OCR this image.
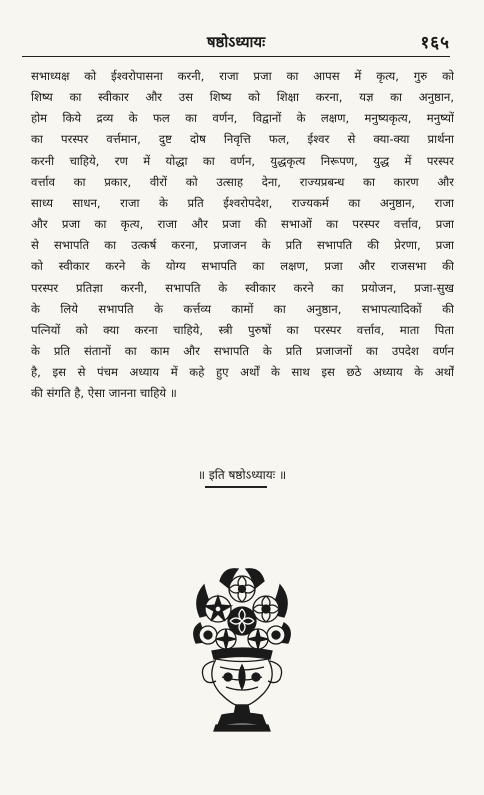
षष्ठोऽध्यायः	१६५

सभाध्यक्ष को ईश्वरोपासना करनी, राजा प्रजा का आपस में कृत्य, गुरु को
शिष्य का स्वीकार और उस शिष्य को शिक्षा करना, यज्ञ का अनुष्ठान,
होम किये द्रव्य के फल का वर्णन, विद्वानों के लक्षण, मनुष्यकृत्य, मनुष्यों
का परस्पर वर्त्तमान, दुष्ट दोष निवृत्ति फल, ईश्वर से क्या-क्या प्रार्थना
करनी चाहिये, रण में योद्धा का वर्णन, युद्धकृत्य निरूपण, युद्ध में परस्पर
वर्त्ताव का प्रकार, वीरों को उत्साह देना, राज्यप्रबन्ध का कारण और
साध्य साधन, राजा के प्रति ईश्वरोपदेश, राज्यकर्म का अनुष्ठान, राजा
और प्रजा का कृत्य, राजा और प्रजा की सभाओं का परस्पर वर्त्ताव, प्रजा
से सभापति का उत्कर्ष करना, प्रजाजन के प्रति सभापति की प्रेरणा, प्रजा
को स्वीकार करने के योग्य सभापति का लक्षण, प्रजा और राजसभा की
परस्पर प्रतिज्ञा करनी, सभापति के स्वीकार करने का प्रयोजन, प्रजा-सुख
के लिये सभापति के कर्त्तव्य कामों का अनुष्ठान, सभापत्यादिकों की
पत्नियों को क्या करना चाहिये, स्त्री पुरुषों का परस्पर वर्त्ताव, माता पिता
के प्रति संतानों का काम और सभापति के प्रति प्रजाजनों का उपदेश वर्णन
है, इस से पंचम अध्याय में कहे हुए अर्थों के साथ इस छठे अध्याय के अर्थों
की संगति है, ऐसा जानना चाहिये ॥

॥ इति षष्ठोऽध्यायः ॥
